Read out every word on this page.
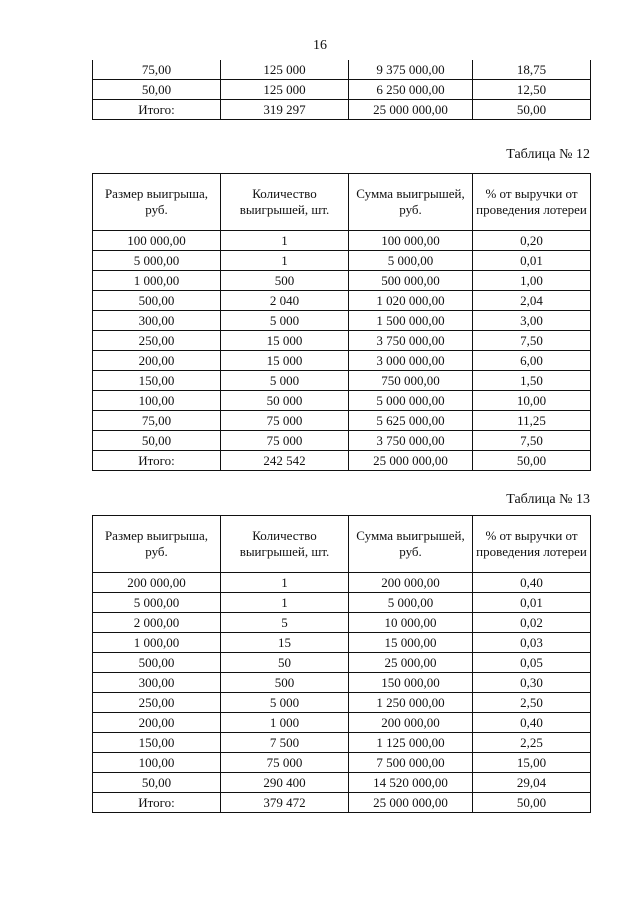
16
75,00	125 000	9 375 000,00	18,75
50,00	125 000	6 250 000,00	12,50
Итого:	319 297	25 000 000,00	50,00
Таблица № 12
Размер выигрыша, руб.	Количество выигрышей, шт.	Сумма выигрышей, руб.	% от выручки от проведения лотереи
100 000,00	1	100 000,00	0,20
5 000,00	1	5 000,00	0,01
1 000,00	500	500 000,00	1,00
500,00	2 040	1 020 000,00	2,04
300,00	5 000	1 500 000,00	3,00
250,00	15 000	3 750 000,00	7,50
200,00	15 000	3 000 000,00	6,00
150,00	5 000	750 000,00	1,50
100,00	50 000	5 000 000,00	10,00
75,00	75 000	5 625 000,00	11,25
50,00	75 000	3 750 000,00	7,50
Итого:	242 542	25 000 000,00	50,00
Таблица № 13
Размер выигрыша, руб.	Количество выигрышей, шт.	Сумма выигрышей, руб.	% от выручки от проведения лотереи
200 000,00	1	200 000,00	0,40
5 000,00	1	5 000,00	0,01
2 000,00	5	10 000,00	0,02
1 000,00	15	15 000,00	0,03
500,00	50	25 000,00	0,05
300,00	500	150 000,00	0,30
250,00	5 000	1 250 000,00	2,50
200,00	1 000	200 000,00	0,40
150,00	7 500	1 125 000,00	2,25
100,00	75 000	7 500 000,00	15,00
50,00	290 400	14 520 000,00	29,04
Итого:	379 472	25 000 000,00	50,00
